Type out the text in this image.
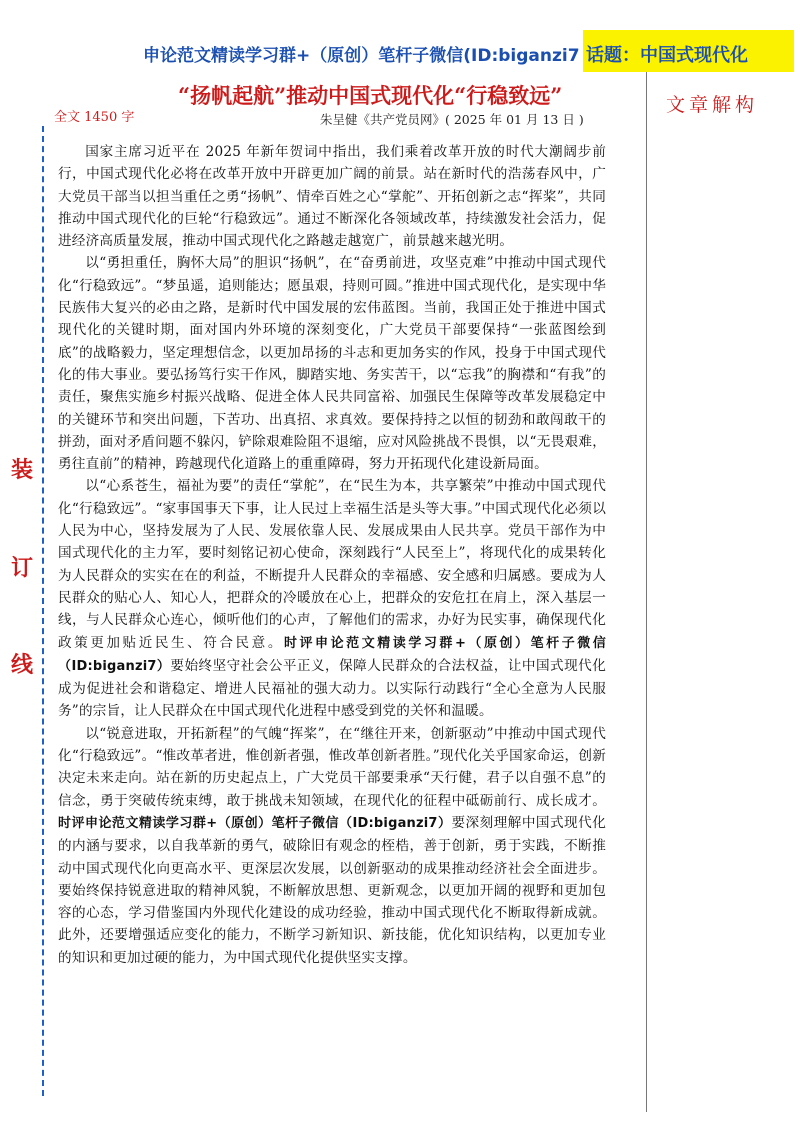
申论范文精读学习群+（原创）笔杆子微信(ID:biganzi7 话题：中国式现代化
“扬帆起航”推动中国式现代化“行稳致远”	文章解构
全文 1450 字	朱呈健《共产党员网》( 2025 年 01 月 13 日 )
装
订
线

国家主席习近平在 2025 年新年贺词中指出，我们乘着改革开放的时代大潮阔步前行，中国式现代化必将在改革开放中开辟更加广阔的前景。站在新时代的浩荡春风中，广大党员干部当以担当重任之勇“扬帆”、情牵百姓之心“掌舵”、开拓创新之志“挥桨”，共同推动中国式现代化的巨轮“行稳致远”。通过不断深化各领域改革，持续激发社会活力，促进经济高质量发展，推动中国式现代化之路越走越宽广，前景越来越光明。

以“勇担重任，胸怀大局”的胆识“扬帆”，在“奋勇前进，攻坚克难”中推动中国式现代化“行稳致远”。“梦虽遥，追则能达；愿虽艰，持则可圆。”推进中国式现代化，是实现中华民族伟大复兴的必由之路，是新时代中国发展的宏伟蓝图。当前，我国正处于推进中国式现代化的关键时期，面对国内外环境的深刻变化，广大党员干部要保持“一张蓝图绘到底”的战略毅力，坚定理想信念，以更加昂扬的斗志和更加务实的作风，投身于中国式现代化的伟大事业。要弘扬笃行实干作风，脚踏实地、务实苦干，以“忘我”的胸襟和“有我”的责任，聚焦实施乡村振兴战略、促进全体人民共同富裕、加强民生保障等改革发展稳定中的关键环节和突出问题，下苦功、出真招、求真效。要保持持之以恒的韧劲和敢闯敢干的拼劲，面对矛盾问题不躲闪，铲除艰难险阻不退缩，应对风险挑战不畏惧，以“无畏艰难，勇往直前”的精神，跨越现代化道路上的重重障碍，努力开拓现代化建设新局面。

以“心系苍生，福祉为要”的责任“掌舵”，在“民生为本，共享繁荣”中推动中国式现代化“行稳致远”。“家事国事天下事，让人民过上幸福生活是头等大事。”中国式现代化必须以人民为中心，坚持发展为了人民、发展依靠人民、发展成果由人民共享。党员干部作为中国式现代化的主力军，要时刻铭记初心使命，深刻践行“人民至上”，将现代化的成果转化为人民群众的实实在在的利益，不断提升人民群众的幸福感、安全感和归属感。要成为人民群众的贴心人、知心人，把群众的冷暖放在心上，把群众的安危扛在肩上，深入基层一线，与人民群众心连心，倾听他们的心声，了解他们的需求，办好为民实事，确保现代化政策更加贴近民生、符合民意。时评申论范文精读学习群+（原创）笔杆子微信（ID:biganzi7）要始终坚守社会公平正义，保障人民群众的合法权益，让中国式现代化成为促进社会和谐稳定、增进人民福祉的强大动力。以实际行动践行“全心全意为人民服务”的宗旨，让人民群众在中国式现代化进程中感受到党的关怀和温暖。

以“锐意进取，开拓新程”的气魄“挥桨”，在“继往开来，创新驱动”中推动中国式现代化“行稳致远”。“惟改革者进，惟创新者强，惟改革创新者胜。”现代化关乎国家命运，创新决定未来走向。站在新的历史起点上，广大党员干部要秉承“天行健，君子以自强不息”的信念，勇于突破传统束缚，敢于挑战未知领域，在现代化的征程中砥砺前行、成长成才。时评申论范文精读学习群+（原创）笔杆子微信（ID:biganzi7）要深刻理解中国式现代化的内涵与要求，以自我革新的勇气，破除旧有观念的桎梏，善于创新，勇于实践，不断推动中国式现代化向更高水平、更深层次发展，以创新驱动的成果推动经济社会全面进步。要始终保持锐意进取的精神风貌，不断解放思想、更新观念，以更加开阔的视野和更加包容的心态，学习借鉴国内外现代化建设的成功经验，推动中国式现代化不断取得新成就。此外，还要增强适应变化的能力，不断学习新知识、新技能，优化知识结构，以更加专业的知识和更加过硬的能力，为中国式现代化提供坚实支撑。
